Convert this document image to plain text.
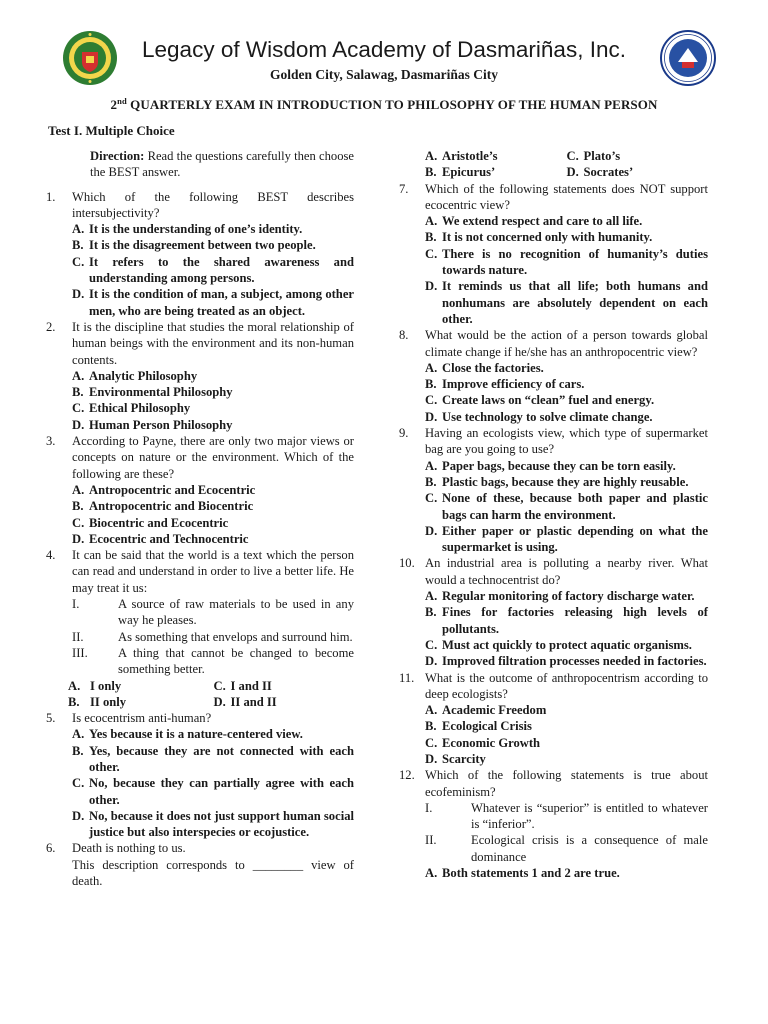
Legacy of Wisdom Academy of Dasmariñas, Inc.
Golden City, Salawag, Dasmariñas City
2nd QUARTERLY EXAM IN INTRODUCTION TO PHILOSOPHY OF THE HUMAN PERSON
Test I. Multiple Choice
Direction: Read the questions carefully then choose the BEST answer.
1. Which of the following BEST describes intersubjectivity?
A. It is the understanding of one’s identity.
B. It is the disagreement between two people.
C. It refers to the shared awareness and understanding among persons.
D. It is the condition of man, a subject, among other men, who are being treated as an object.
2. It is the discipline that studies the moral relationship of human beings with the environment and its non-human contents.
A. Analytic Philosophy
B. Environmental Philosophy
C. Ethical Philosophy
D. Human Person Philosophy
3. According to Payne, there are only two major views or concepts on nature or the environment. Which of the following are these?
A. Antropocentric and Ecocentric
B. Antropocentric and Biocentric
C. Biocentric and Ecocentric
D. Ecocentric and Technocentric
4. It can be said that the world is a text which the person can read and understand in order to live a better life. He may treat it us:
I.	A source of raw materials to be used in any way he pleases.
II.	As something that envelops and surround him.
III.	A thing that cannot be changed to become something better.
A. I only	C. I and II
B. II only	D. II and II
5. Is ecocentrism anti-human?
A. Yes because it is a nature-centered view.
B. Yes, because they are not connected with each other.
C. No, because they can partially agree with each other.
D. No, because it does not just support human social justice but also interspecies or ecojustice.
6. Death is nothing to us.
This description corresponds to ________ view of death.
A. Aristotle’s	C. Plato’s
B. Epicurus’	D. Socrates’
7. Which of the following statements does NOT support ecocentric view?
A. We extend respect and care to all life.
B. It is not concerned only with humanity.
C. There is no recognition of humanity’s duties towards nature.
D. It reminds us that all life; both humans and nonhumans are absolutely dependent on each other.
8. What would be the action of a person towards global climate change if he/she has an anthropocentric view?
A. Close the factories.
B. Improve efficiency of cars.
C. Create laws on “clean” fuel and energy.
D. Use technology to solve climate change.
9. Having an ecologists view, which type of supermarket bag are you going to use?
A. Paper bags, because they can be torn easily.
B. Plastic bags, because they are highly reusable.
C. None of these, because both paper and plastic bags can harm the environment.
D. Either paper or plastic depending on what the supermarket is using.
10. An industrial area is polluting a nearby river. What would a technocentrist do?
A. Regular monitoring of factory discharge water.
B. Fines for factories releasing high levels of pollutants.
C. Must act quickly to protect aquatic organisms.
D. Improved filtration processes needed in factories.
11. What is the outcome of anthropocentrism according to deep ecologists?
A. Academic Freedom
B. Ecological Crisis
C. Economic Growth
D. Scarcity
12. Which of the following statements is true about ecofeminism?
I.	Whatever is “superior” is entitled to whatever is “inferior”.
II.	Ecological crisis is a consequence of male dominance
A. Both statements 1 and 2 are true.
